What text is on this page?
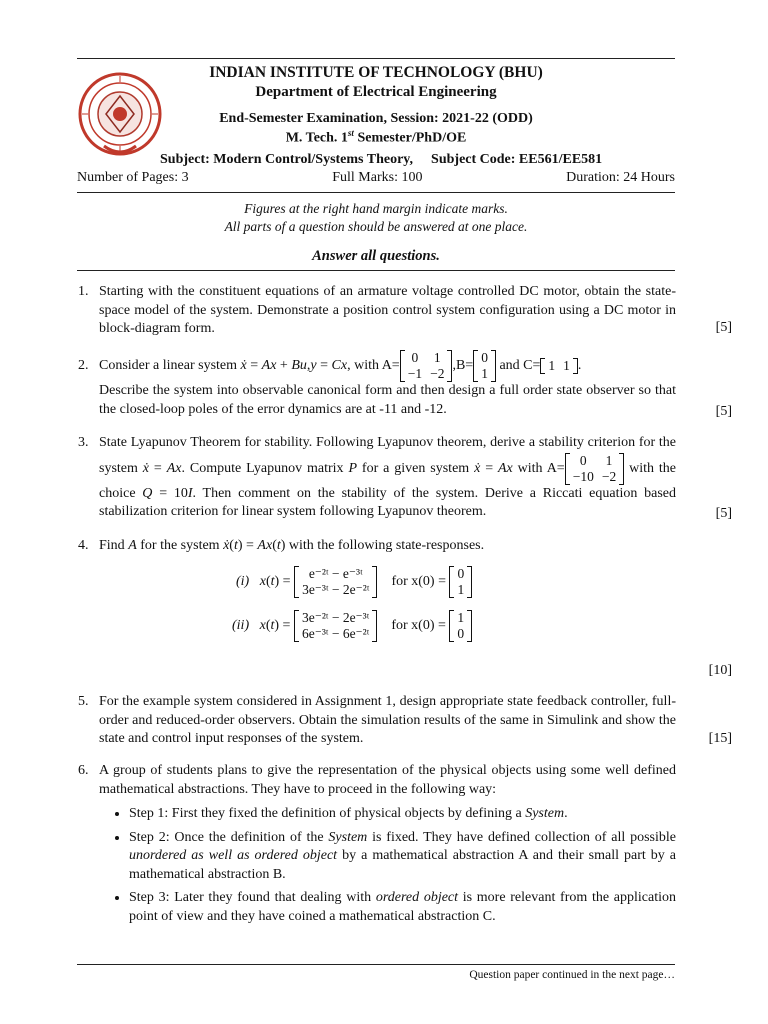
INDIAN INSTITUTE OF TECHNOLOGY (BHU)
Department of Electrical Engineering
End-Semester Examination, Session: 2021-22 (ODD)
M. Tech. 1st Semester/PhD/OE
Subject: Modern Control/Systems Theory, Subject Code: EE561/EE581
Number of Pages: 3	Full Marks: 100	Duration: 24 Hours
Figures at the right hand margin indicate marks.
All parts of a question should be answered at one place.
Answer all questions.
1. Starting with the constituent equations of an armature voltage controlled DC motor, obtain the state-space model of the system. Demonstrate a position control system configuration using a DC motor in block-diagram form.	[5]
2. Consider a linear system ẋ = Ax + Bu,y = Cx, with A=
0	1
−1	−2
,B=
0
1
and C= 1	1 .
Describe the system into observable canonical form and then design a full order state observer so that the closed-loop poles of the error dynamics are at -11 and -12.	[5]
3. State Lyapunov Theorem for stability. Following Lyapunov theorem, derive a stability criterion for the system ẋ = Ax. Compute Lyapunov matrix P for a given system ẋ = Ax with A=
0	1
−10	−2
with the choice Q = 10I. Then comment on the stability of the system. Derive a Riccati equation based stabilization criterion for linear system following Lyapunov theorem.	[5]
4. Find A for the system ẋ(t) = Ax(t) with the following state-responses.
(i) x(t) =
e⁻²ᵗ − e⁻³ᵗ
3e⁻³ᵗ − 2e⁻²ᵗ
for x(0) =
0
1
(ii) x(t) =
3e⁻²ᵗ − 2e⁻³ᵗ
6e⁻³ᵗ − 6e⁻²ᵗ
for x(0) =
1
0
[10]
5. For the example system considered in Assignment 1, design appropriate state feedback controller, full-order and reduced-order observers. Obtain the simulation results of the same in Simulink and show the state and control input responses of the system.	[15]
6. A group of students plans to give the representation of the physical objects using some well defined mathematical abstractions. They have to proceed in the following way:
• Step 1: First they fixed the definition of physical objects by defining a System.
• Step 2: Once the definition of the System is fixed. They have defined collection of all possible unordered as well as ordered object by a mathematical abstraction A and their small part by a mathematical abstraction B.
• Step 3: Later they found that dealing with ordered object is more relevant from the application point of view and they have coined a mathematical abstraction C.
Question paper continued in the next page…
